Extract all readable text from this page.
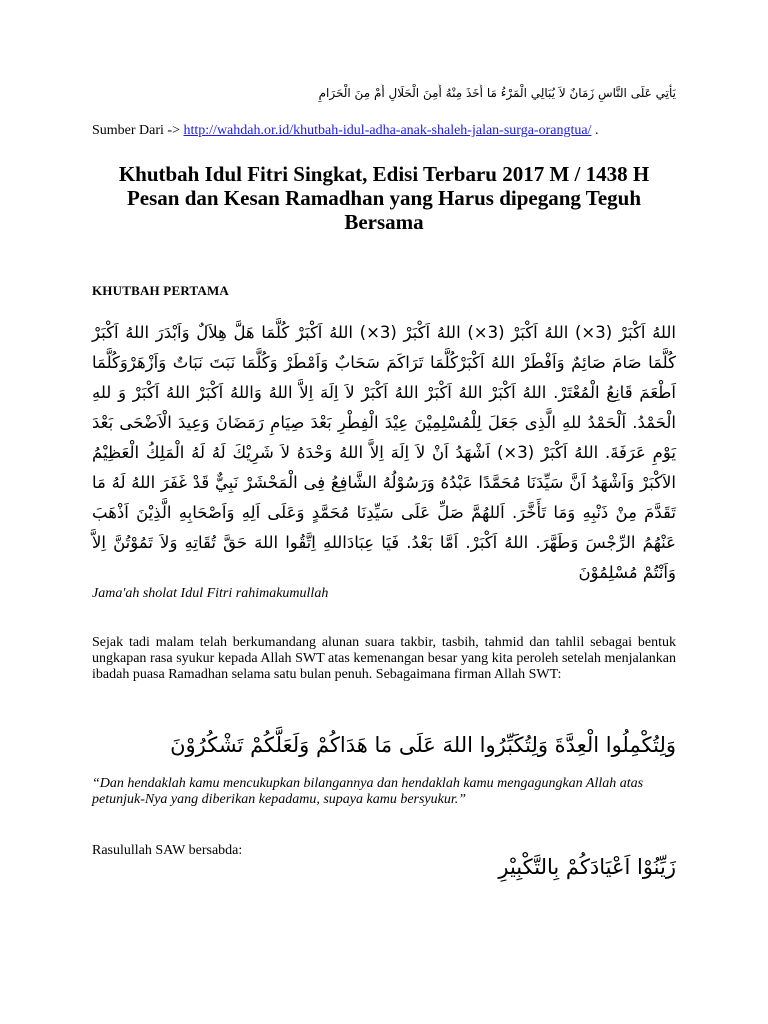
يَأْتِي عَلَى النَّاسِ زَمَانٌ لاَ يُبَالِي الْمَرْءُ مَا أَخَذَ مِنْهُ أَمِنَ الْحَلَالِ أَمْ مِنَ الْحَرَامِ
Sumber Dari -> http://wahdah.or.id/khutbah-idul-adha-anak-shaleh-jalan-surga-orangtua/ .
Khutbah Idul Fitri Singkat, Edisi Terbaru 2017 M / 1438 H
Pesan dan Kesan Ramadhan yang Harus dipegang Teguh Bersama
KHUTBAH PERTAMA
اللهُ اَكْبَرْ (3×) اللهُ اَكْبَرْ (3×) اللهُ اَكْبَرْ (3×) اللهُ اَكْبَرْ كُلَّمَا هَلَّ هِلاَلٌ وَاَبْدَرَ اللهُ اَكْبَرْ كُلَّمَا صَامَ صَائِمٌ وَاَفْطَرْ اللهُ اَكْبَرْكُلَّمَا تَرَاكَمَ سَحَابٌ وَاَمْطَرْ وَكُلَّمَا نَبَتَ نَبَاتٌ وَاَزْهَرْوَكُلَّمَا اَطْعَمَ قَانِعُ الْمُعْتَرْ. اللهُ اَكْبَرْ اللهُ اَكْبَرْ اللهُ اَكْبَرْ لاَ اِلَهَ اِلاَّ اللهُ وَاللهُ اَكْبَرْ اللهُ اَكْبَرْ وَ للهِ الْحَمْدُ. اَلْحَمْدُ للهِ الَّذِى جَعَلَ لِلْمُسْلِمِيْنَ عِيْدَ الْفِطْرِ بَعْدَ صِيَامِ رَمَضَانَ وَعِيدَ الْاَضْحَى بَعْدَ يَوْمِ عَرَفَةَ. اللهُ اَكْبَرْ (3×) اَشْهَدُ اَنْ لاَ اِلَهَ اِلاَّ اللهُ وَحْدَهُ لاَ شَرِيْكَ لَهُ لَهُ الْمَلِكُ الْعَظِيْمُ الاَكْبَرْ وَاَشْهَدُ اَنَّ سَيِّدَنَا مُحَمَّدًا عَبْدُهُ وَرَسُوْلُهُ الشَّافِعُ فِى الْمَحْشَرْ نَبِيٌّ قَدْ غَفَرَ اللهُ لَهُ مَا تَقَدَّمَ مِنْ ذَنْبِهِ وَمَا تَأَخَّرَ. اَللهُمَّ صَلِّ عَلَى سَيِّدِنَا مُحَمَّدٍ وَعَلَى اَلِهِ وَاَصْحَابِهِ الَّذِيْنَ اَذْهَبَ عَنْهُمُ الرِّجْسَ وَطَهَّرَ. اللهُ اَكْبَرْ. اَمَّا بَعْدُ. فَيَا عِبَادَاللهِ اِتَّقُوا اللهَ حَقَّ تُقَاتِهِ وَلاَ تَمُوْتُنَّ اِلاَّ وَاَنْتُمْ مُسْلِمُوْنَ
Jama'ah sholat Idul Fitri rahimakumullah

Sejak tadi malam telah berkumandang alunan suara takbir, tasbih, tahmid dan tahlil sebagai bentuk ungkapan rasa syukur kepada Allah SWT atas kemenangan besar yang kita peroleh setelah menjalankan ibadah puasa Ramadhan selama satu bulan penuh. Sebagaimana firman Allah SWT:

وَلِتُكْمِلُوا الْعِدَّةَ وَلِتُكَبِّرُوا اللهَ عَلَى مَا هَدَاكُمْ وَلَعَلَّكُمْ تَشْكُرُوْنَ

“Dan hendaklah kamu mencukupkan bilangannya dan hendaklah kamu mengagungkan Allah atas petunjuk-Nya yang diberikan kepadamu, supaya kamu bersyukur.”

Rasulullah SAW bersabda:
زَيِّنُوْا اَعْيَادَكُمْ بِالتَّكْبِيْرِ
